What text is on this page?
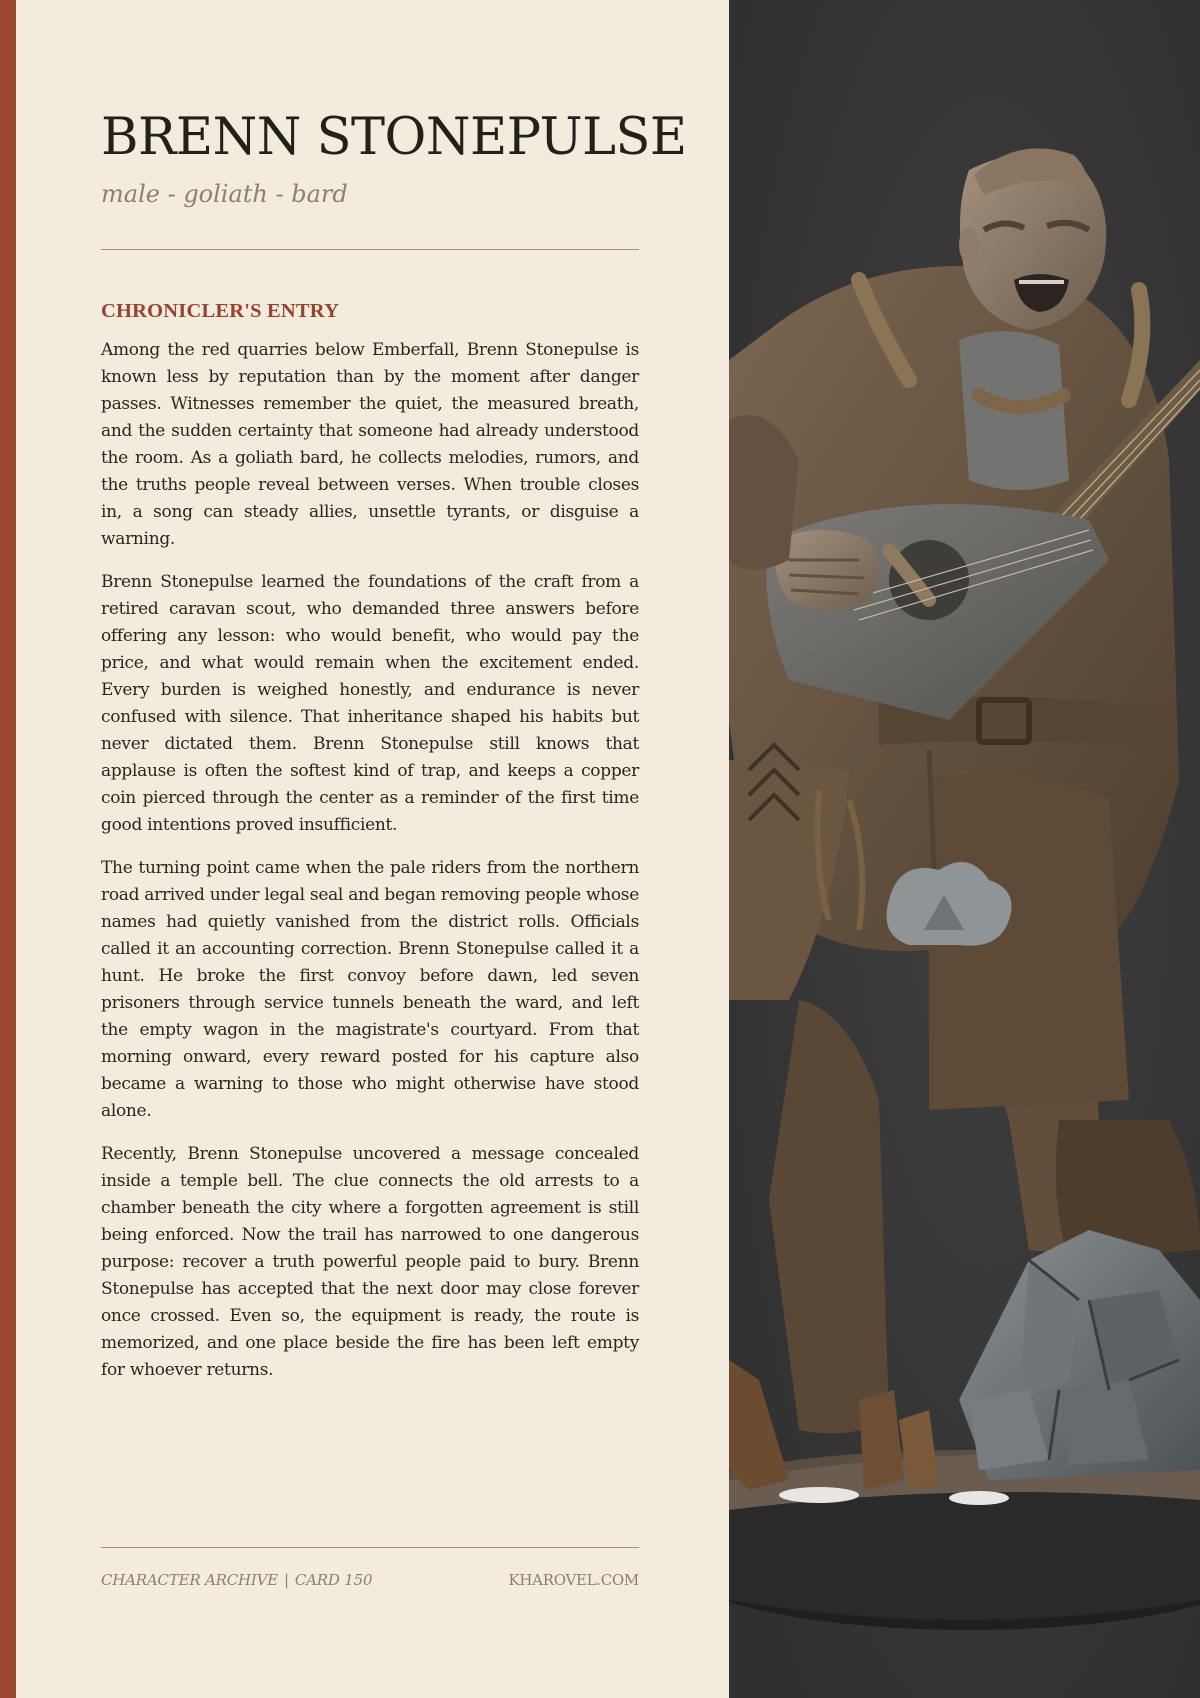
BRENN STONEPULSE
male - goliath - bard
CHRONICLER'S ENTRY

Among the red quarries below Emberfall, Brenn Stonepulse is known less by reputation than by the moment after danger passes. Witnesses remember the quiet, the measured breath, and the sudden certainty that someone had already understood the room. As a goliath bard, he collects melodies, rumors, and the truths people reveal between verses. When trouble closes in, a song can steady allies, unsettle tyrants, or disguise a warning.

Brenn Stonepulse learned the foundations of the craft from a retired caravan scout, who demanded three answers before offering any lesson: who would benefit, who would pay the price, and what would remain when the excitement ended. Every burden is weighed honestly, and endurance is never confused with silence. That inheritance shaped his habits but never dictated them. Brenn Stonepulse still knows that applause is often the softest kind of trap, and keeps a copper coin pierced through the center as a reminder of the first time good intentions proved insufficient.

The turning point came when the pale riders from the northern road arrived under legal seal and began removing people whose names had quietly vanished from the district rolls. Officials called it an accounting correction. Brenn Stonepulse called it a hunt. He broke the first convoy before dawn, led seven prisoners through service tunnels beneath the ward, and left the empty wagon in the magistrate's courtyard. From that morning onward, every reward posted for his capture also became a warning to those who might otherwise have stood alone.

Recently, Brenn Stonepulse uncovered a message concealed inside a temple bell. The clue connects the old arrests to a chamber beneath the city where a forgotten agreement is still being enforced. Now the trail has narrowed to one dangerous purpose: recover a truth powerful people paid to bury. Brenn Stonepulse has accepted that the next door may close forever once crossed. Even so, the equipment is ready, the route is memorized, and one place beside the fire has been left empty for whoever returns.

CHARACTER ARCHIVE | CARD 150	KHAROVEL.COM
